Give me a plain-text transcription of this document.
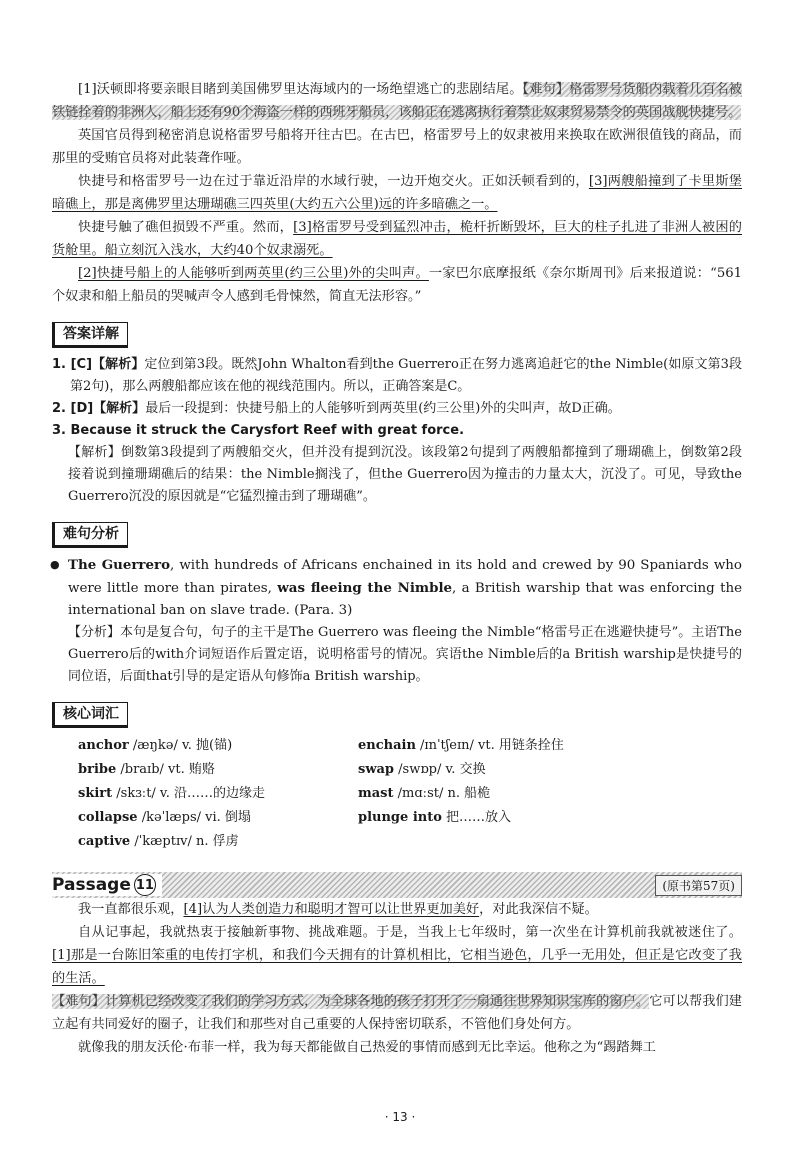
[1]沃顿即将要亲眼目睹到美国佛罗里达海域内的一场绝望逃亡的悲剧结尾。【难句】格雷罗号货船内载着几百名被铁链拴着的非洲人，船上还有90个海盗一样的西班牙船员，该船正在逃离执行着禁止奴隶贸易禁令的英国战舰快捷号。

英国官员得到秘密消息说格雷罗号船将开往古巴。在古巴，格雷罗号上的奴隶被用来换取在欧洲很值钱的商品，而那里的受贿官员将对此装聋作哑。

快捷号和格雷罗号一边在过于靠近沿岸的水域行驶，一边开炮交火。正如沃顿看到的，[3]两艘船撞到了卡里斯堡暗礁上，那是离佛罗里达珊瑚礁三四英里(大约五六公里)远的许多暗礁之一。

快捷号触了礁但损毁不严重。然而，[3]格雷罗号受到猛烈冲击，桅杆折断毁坏，巨大的柱子扎进了非洲人被困的货舱里。船立刻沉入浅水，大约40个奴隶溺死。

[2]快捷号船上的人能够听到两英里(约三公里)外的尖叫声。一家巴尔底摩报纸《奈尔斯周刊》后来报道说：“561个奴隶和船上船员的哭喊声令人感到毛骨悚然，简直无法形容。”

答案详解

1. [C]【解析】定位到第3段。既然John Whalton看到the Guerrero正在努力逃离追赶它的the Nimble(如原文第3段第2句)，那么两艘船都应该在他的视线范围内。所以，正确答案是C。

2. [D]【解析】最后一段提到：快捷号船上的人能够听到两英里(约三公里)外的尖叫声，故D正确。

3. Because it struck the Carysfort Reef with great force.

【解析】倒数第3段提到了两艘船交火，但并没有提到沉没。该段第2句提到了两艘船都撞到了珊瑚礁上，倒数第2段接着说到撞珊瑚礁后的结果：the Nimble搁浅了，但the Guerrero因为撞击的力量太大，沉没了。可见，导致the Guerrero沉没的原因就是“它猛烈撞击到了珊瑚礁”。

难句分析

● The Guerrero, with hundreds of Africans enchained in its hold and crewed by 90 Spaniards who were little more than pirates, was fleeing the Nimble, a British warship that was enforcing the international ban on slave trade. (Para. 3)

【分析】本句是复合句，句子的主干是The Guerrero was fleeing the Nimble“格雷号正在逃避快捷号”。主语The Guerrero后的with介词短语作后置定语，说明格雷号的情况。宾语the Nimble后的a British warship是快捷号的同位语，后面that引导的是定语从句修饰a British warship。

核心词汇
anchor /æŋkə/ v. 抛(锚)
bribe /braɪb/ vt. 贿赂
skirt /skɜːt/ v. 沿……的边缘走
collapse /kəˈlæps/ vi. 倒塌
captive /ˈkæptɪv/ n. 俘虏
enchain /ɪnˈtʃeɪn/ vt. 用链条拴住
swap /swɒp/ v. 交换
mast /mɑːst/ n. 船桅
plunge into 把……放入
Passage 11	(原书第57页)

我一直都很乐观，[4]认为人类创造力和聪明才智可以让世界更加美好，对此我深信不疑。

自从记事起，我就热衷于接触新事物、挑战难题。于是，当我上七年级时，第一次坐在计算机前我就被迷住了。[1]那是一台陈旧笨重的电传打字机，和我们今天拥有的计算机相比，它相当逊色，几乎一无用处，但正是它改变了我的生活。

【难句】计算机已经改变了我们的学习方式，为全球各地的孩子打开了一扇通往世界知识宝库的窗户。它可以帮我们建立起有共同爱好的圈子，让我们和那些对自己重要的人保持密切联系，不管他们身处何方。

就像我的朋友沃伦·布菲一样，我为每天都能做自己热爱的事情而感到无比幸运。他称之为“踢踏舞工

· 13 ·
